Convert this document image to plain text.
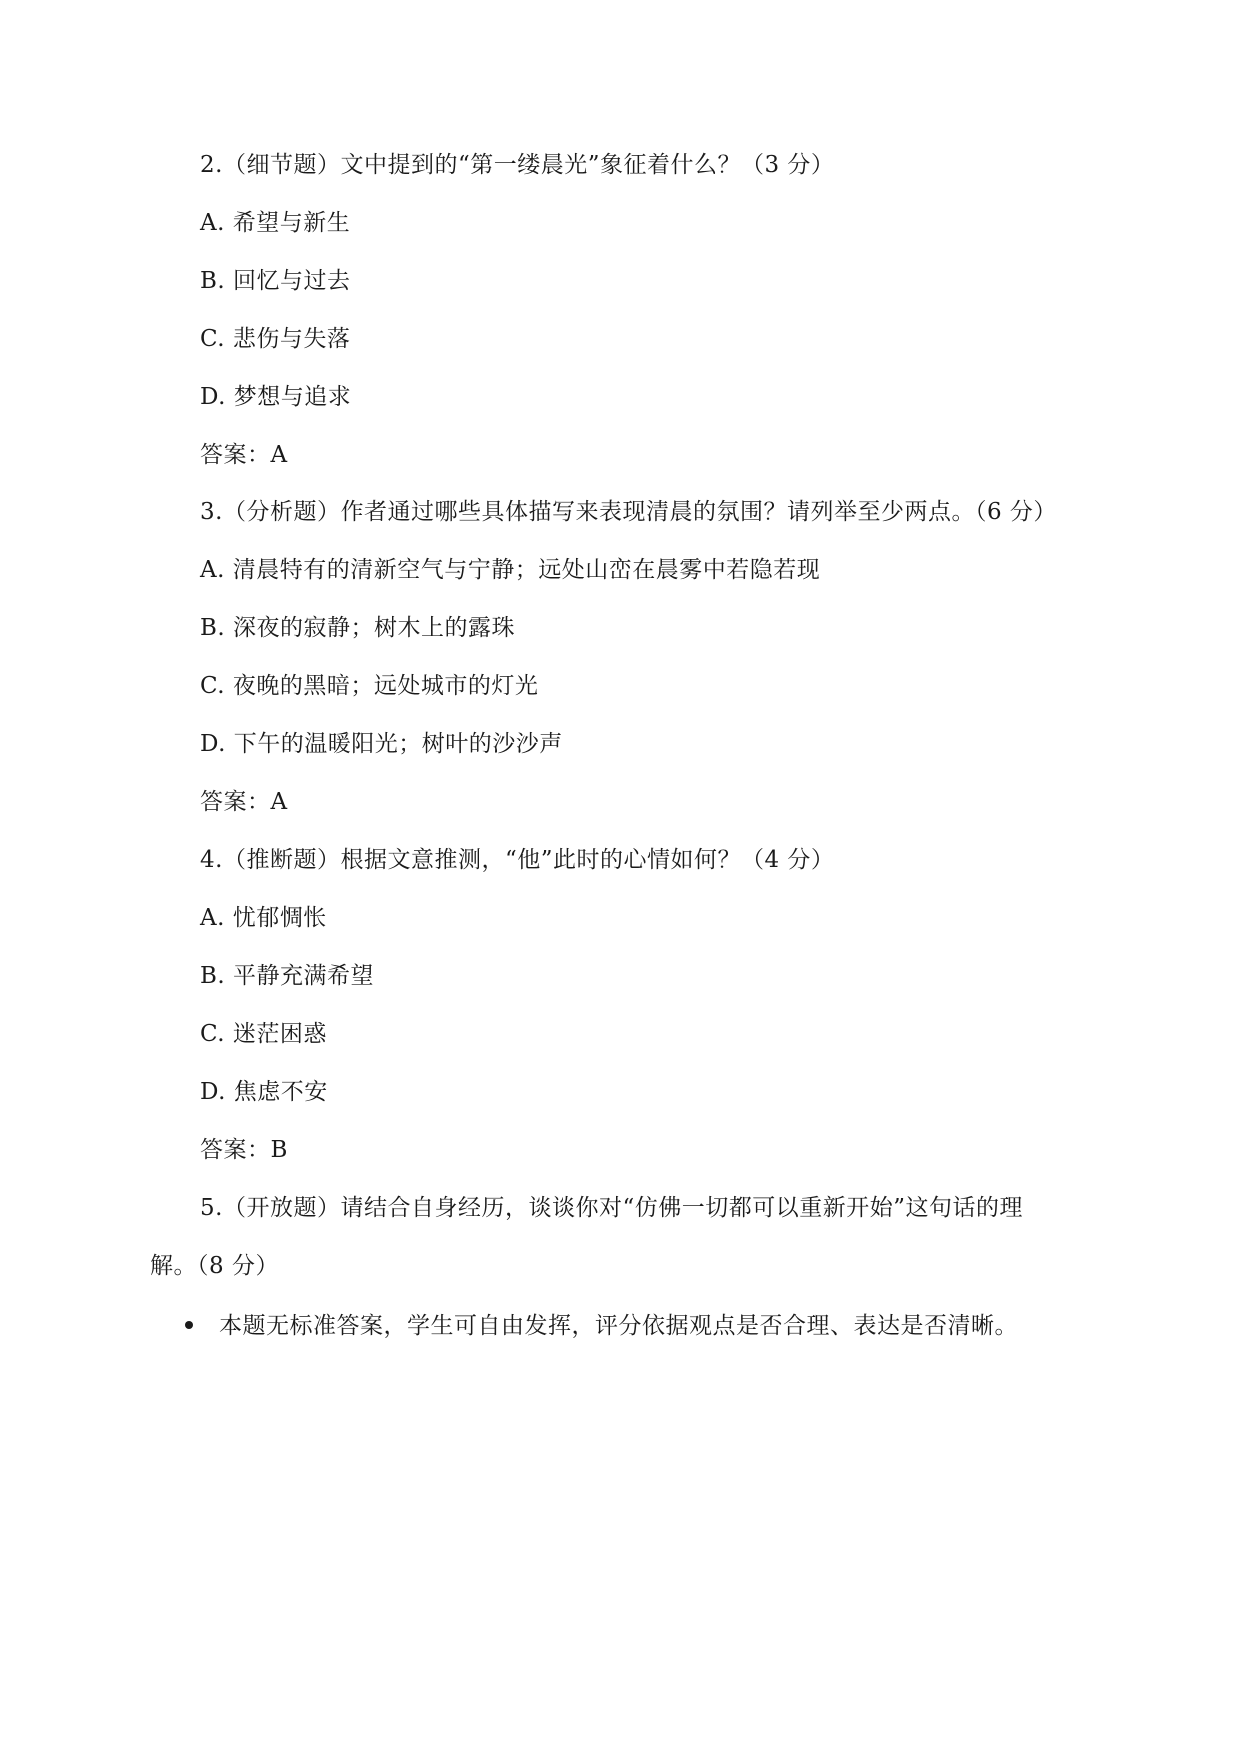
2.（细节题）文中提到的“第一缕晨光”象征着什么？（3 分）
A. 希望与新生
B. 回忆与过去
C. 悲伤与失落
D. 梦想与追求
答案：A
3.（分析题）作者通过哪些具体描写来表现清晨的氛围？请列举至少两点。（6 分）
A. 清晨特有的清新空气与宁静；远处山峦在晨雾中若隐若现
B. 深夜的寂静；树木上的露珠
C. 夜晚的黑暗；远处城市的灯光
D. 下午的温暖阳光；树叶的沙沙声
答案：A
4.（推断题）根据文意推测，“他”此时的心情如何？（4 分）
A. 忧郁惆怅
B. 平静充满希望
C. 迷茫困惑
D. 焦虑不安
答案：B
5.（开放题）请结合自身经历，谈谈你对“仿佛一切都可以重新开始”这句话的理
解。（8 分）
本题无标准答案，学生可自由发挥，评分依据观点是否合理、表达是否清晰。
